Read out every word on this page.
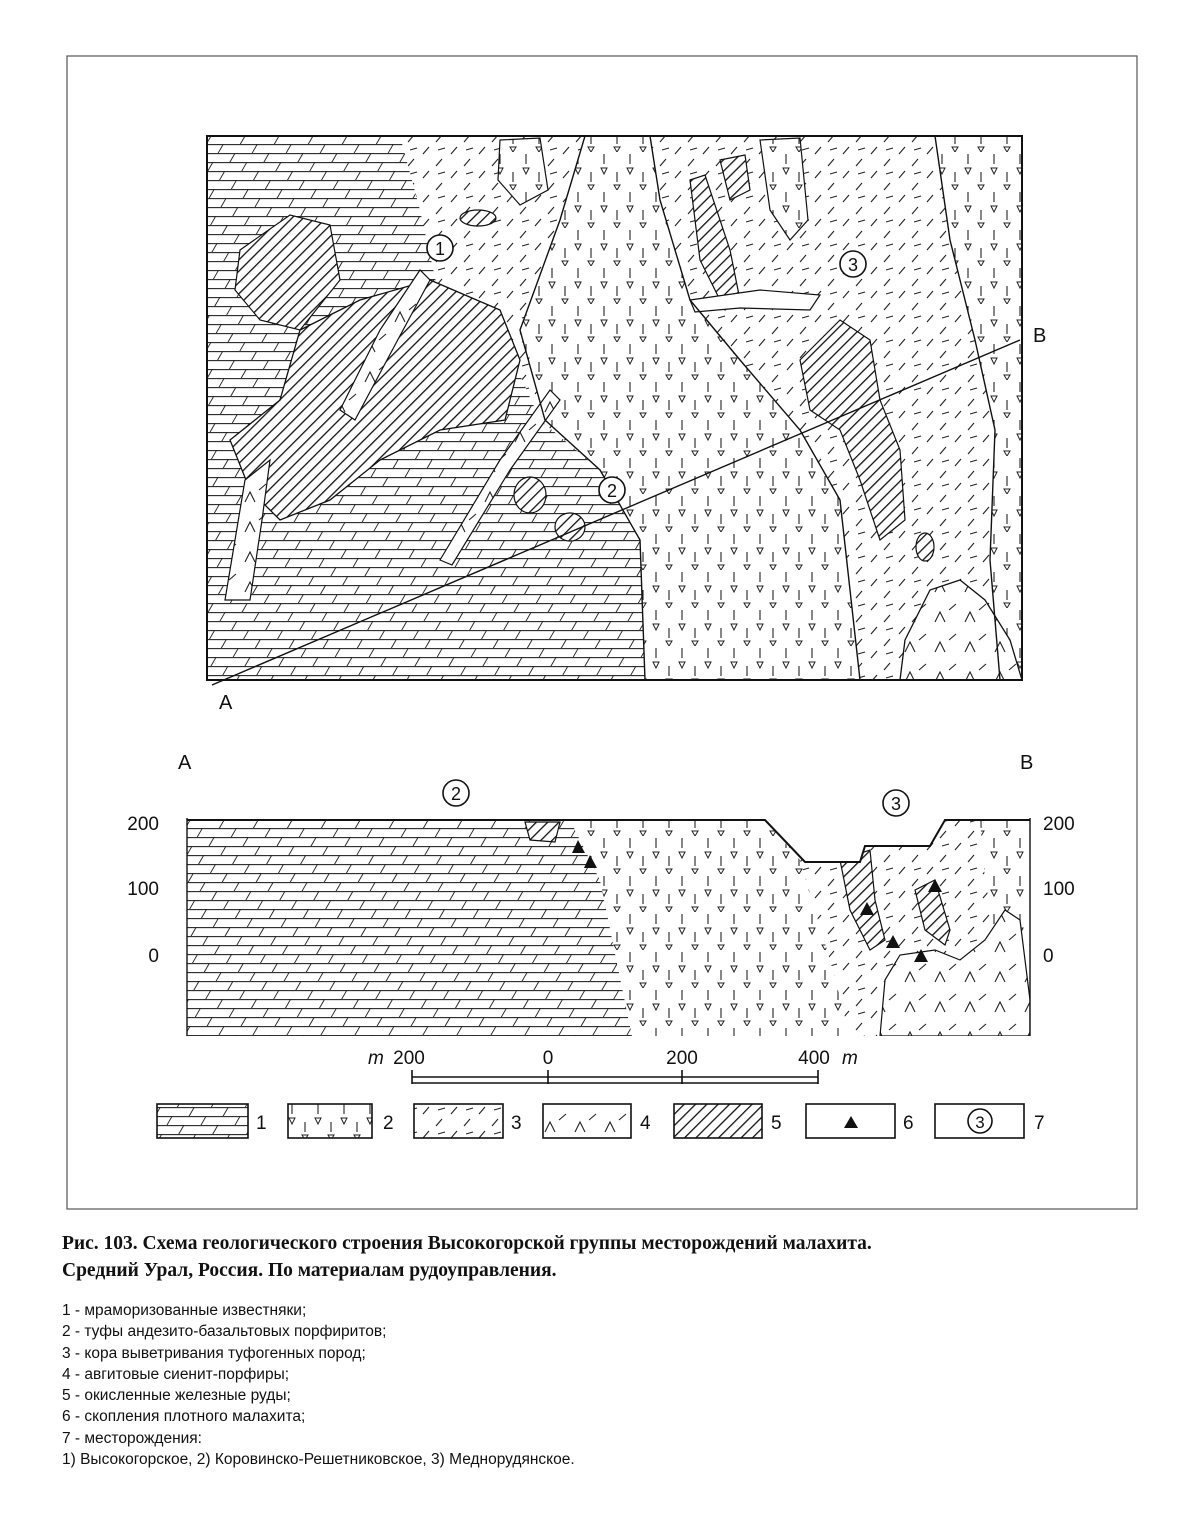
A
B
1
2
3
A	B
2	3
200
100
0
200
100
0
m 200	0	200	400 m
1	2	3	4	5	6	3	7

Рис. 103. Схема геологического строения Высокогорской группы месторождений малахита.
Средний Урал, Россия. По материалам рудоуправления.

1 - мраморизованные известняки;
2 - туфы андезито-базальтовых порфиритов;
3 - кора выветривания туфогенных пород;
4 - авгитовые сиенит-порфиры;
5 - окисленные железные руды;
6 - скопления плотного малахита;
7 - месторождения:
1) Высокогорское, 2) Коровинско-Решетниковское, 3) Меднорудянское.
